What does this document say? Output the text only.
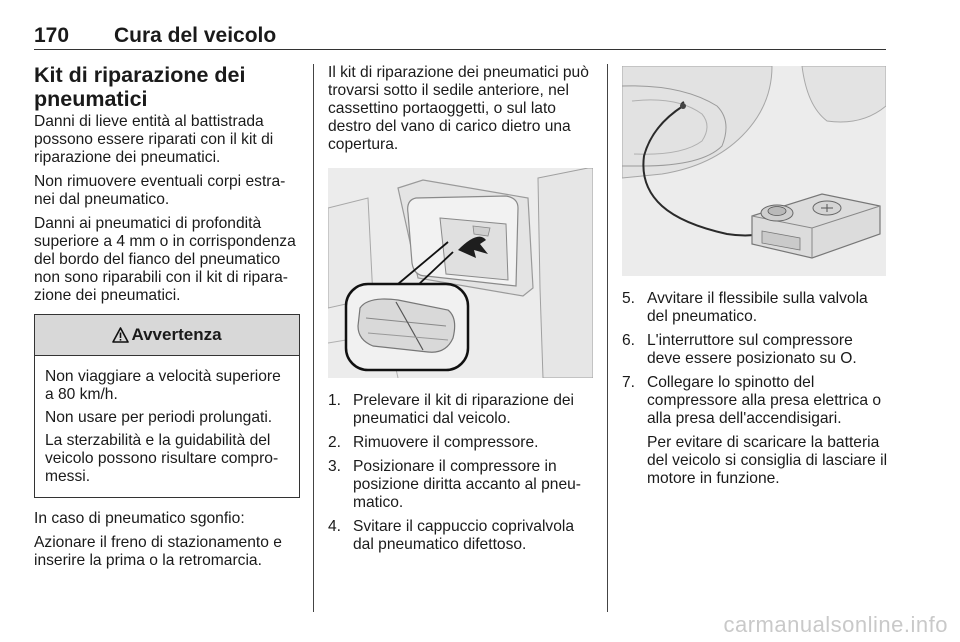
170 Cura del veicolo
Kit di riparazione dei pneumatici

Danni di lieve entità al battistrada possono essere riparati con il kit di riparazione dei pneumatici.

Non rimuovere eventuali corpi estra-nei dal pneumatico.

Danni ai pneumatici di profondità superiore a 4 mm o in corrispondenza del bordo del fianco del pneumatico non sono riparabili con il kit di ripara-zione dei pneumatici.

Avvertenza

Non viaggiare a velocità superiore a 80 km/h.

Non usare per periodi prolungati.

La sterzabilità e la guidabilità del veicolo possono risultare compro-messi.

In caso di pneumatico sgonfio:

Azionare il freno di stazionamento e inserire la prima o la retromarcia.

Il kit di riparazione dei pneumatici può trovarsi sotto il sedile anteriore, nel cassettino portaoggetti, o sul lato destro del vano di carico dietro una copertura.

1. Prelevare il kit di riparazione dei pneumatici dal veicolo.
2. Rimuovere il compressore.
3. Posizionare il compressore in posizione diritta accanto al pneu-matico.
4. Svitare il cappuccio coprivalvola dal pneumatico difettoso.
5. Avvitare il flessibile sulla valvola del pneumatico.
6. L'interruttore sul compressore deve essere posizionato su O.
7. Collegare lo spinotto del compressore alla presa elettrica o alla presa dell'accendisigari.

Per evitare di scaricare la batteria del veicolo si consiglia di lasciare il motore in funzione.

carmanualsonline.info
